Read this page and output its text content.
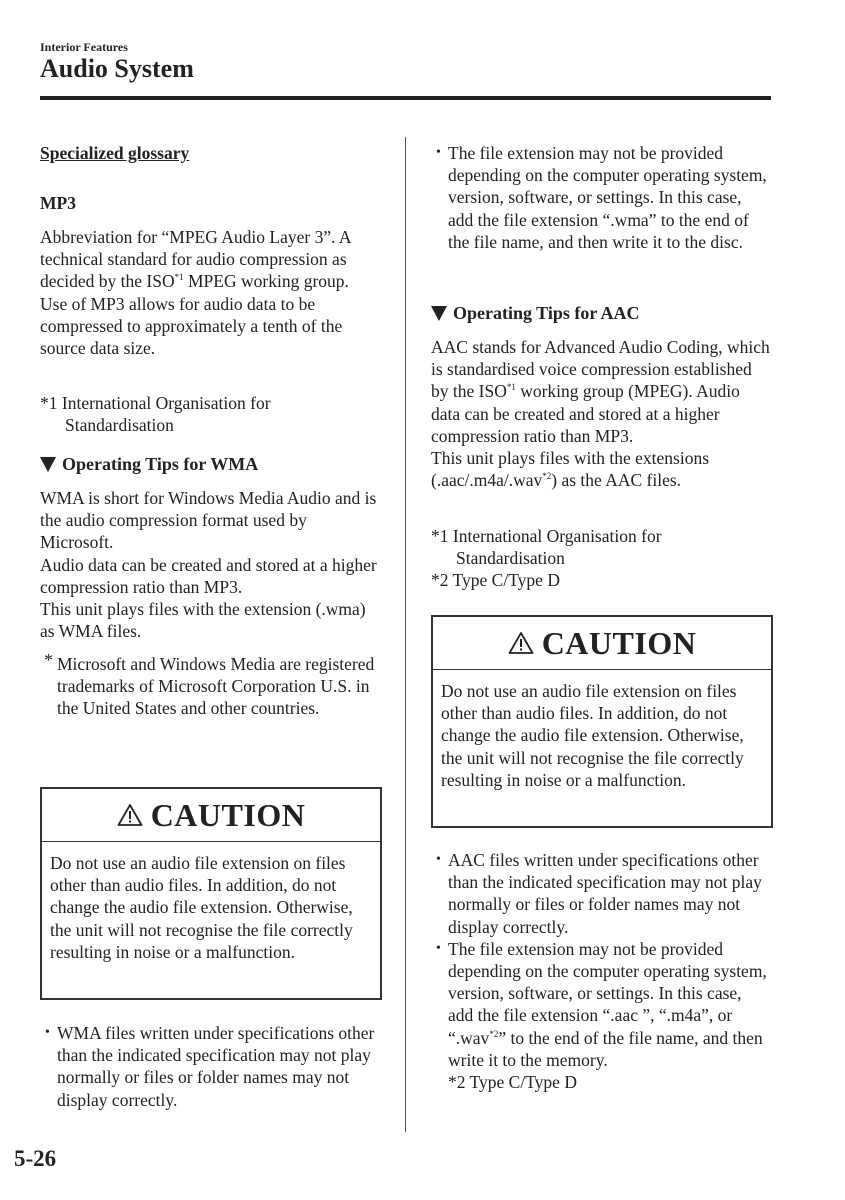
Interior Features
Audio System
Specialized glossary
MP3

Abbreviation for “MPEG Audio Layer 3”. A technical standard for audio compression as decided by the ISO$^{*1}$ MPEG working group. Use of MP3 allows for audio data to be compressed to approximately a tenth of the source data size.

*1 International Organisation for Standardisation

Operating Tips for WMA

WMA is short for Windows Media Audio and is the audio compression format used by Microsoft.
Audio data can be created and stored at a higher compression ratio than MP3.
This unit plays files with the extension (.wma) as WMA files.

* Microsoft and Windows Media are registered trademarks of Microsoft Corporation U.S. in the United States and other countries.
CAUTION
Do not use an audio file extension on files other than audio files. In addition, do not change the audio file extension. Otherwise, the unit will not recognise the file correctly resulting in noise or a malfunction.
• WMA files written under specifications other than the indicated specification may not play normally or files or folder names may not display correctly.
• The file extension may not be provided depending on the computer operating system, version, software, or settings. In this case, add the file extension “.wma” to the end of the file name, and then write it to the disc.
Operating Tips for AAC

AAC stands for Advanced Audio Coding, which is standardised voice compression established by the ISO$^{*1}$ working group (MPEG). Audio data can be created and stored at a higher compression ratio than MP3.
This unit plays files with the extensions (.aac/.m4a/.wav$^{*2}$) as the AAC files.

*1 International Organisation for Standardisation

*2 Type C/Type D

CAUTION
Do not use an audio file extension on files other than audio files. In addition, do not change the audio file extension. Otherwise, the unit will not recognise the file correctly resulting in noise or a malfunction.
• AAC files written under specifications other than the indicated specification may not play normally or files or folder names may not display correctly.
• The file extension may not be provided depending on the computer operating system, version, software, or settings. In this case, add the file extension “.aac ”, “.m4a”, or “.wav$^{*2}$” to the end of the file name, and then write it to the memory.
*2 Type C/Type D
5-26
